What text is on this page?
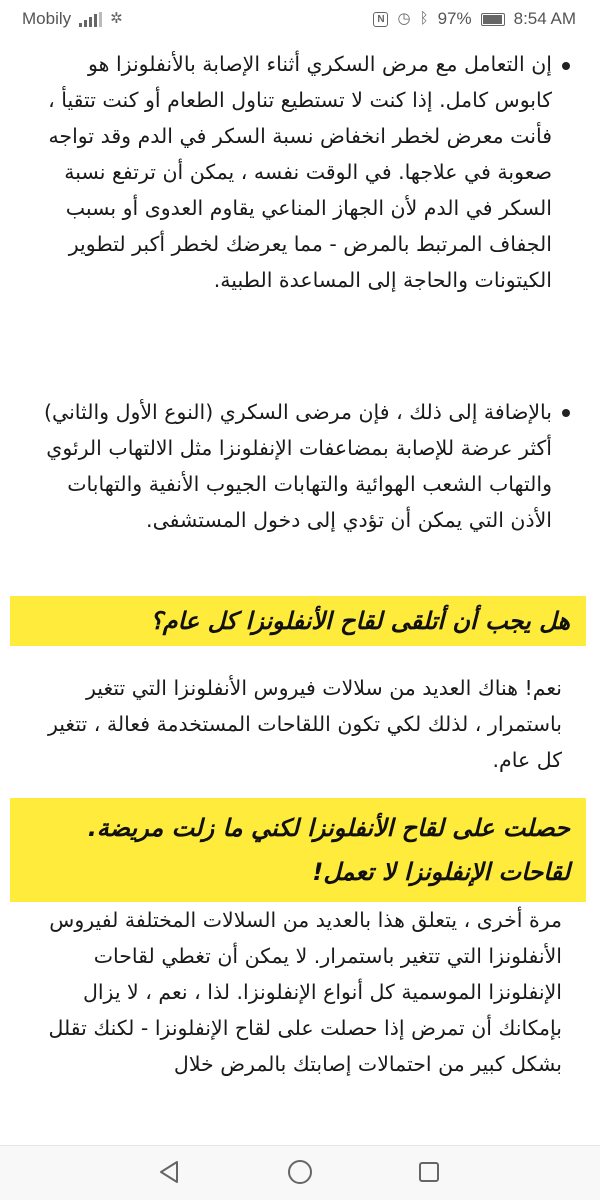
Mobily	✲	N ◷ ᛒ 97% 8:54 AM
إن التعامل مع مرض السكري أثناء الإصابة بالأنفلونزا هو كابوس كامل. إذا كنت لا تستطيع تناول الطعام أو كنت تتقيأ ، فأنت معرض لخطر انخفاض نسبة السكر في الدم وقد تواجه صعوبة في علاجها. في الوقت نفسه ، يمكن أن ترتفع نسبة السكر في الدم لأن الجهاز المناعي يقاوم العدوى أو بسبب الجفاف المرتبط بالمرض - مما يعرضك لخطر أكبر لتطوير الكيتونات والحاجة إلى المساعدة الطبية.
بالإضافة إلى ذلك ، فإن مرضى السكري (النوع الأول والثاني) أكثر عرضة للإصابة بمضاعفات الإنفلونزا مثل الالتهاب الرئوي والتهاب الشعب الهوائية والتهابات الجيوب الأنفية والتهابات الأذن التي يمكن أن تؤدي إلى دخول المستشفى.
هل يجب أن أتلقى لقاح الأنفلونزا كل عام؟
نعم! هناك العديد من سلالات فيروس الأنفلونزا التي تتغير باستمرار ، لذلك لكي تكون اللقاحات المستخدمة فعالة ، تتغير كل عام.
حصلت على لقاح الأنفلونزا لكني ما زلت مريضة. لقاحات الإنفلونزا لا تعمل!
مرة أخرى ، يتعلق هذا بالعديد من السلالات المختلفة لفيروس الأنفلونزا التي تتغير باستمرار. لا يمكن أن تغطي لقاحات الإنفلونزا الموسمية كل أنواع الإنفلونزا. لذا ، نعم ، لا يزال بإمكانك أن تمرض إذا حصلت على لقاح الإنفلونزا - لكنك تقلل بشكل كبير من احتمالات إصابتك بالمرض خلال
